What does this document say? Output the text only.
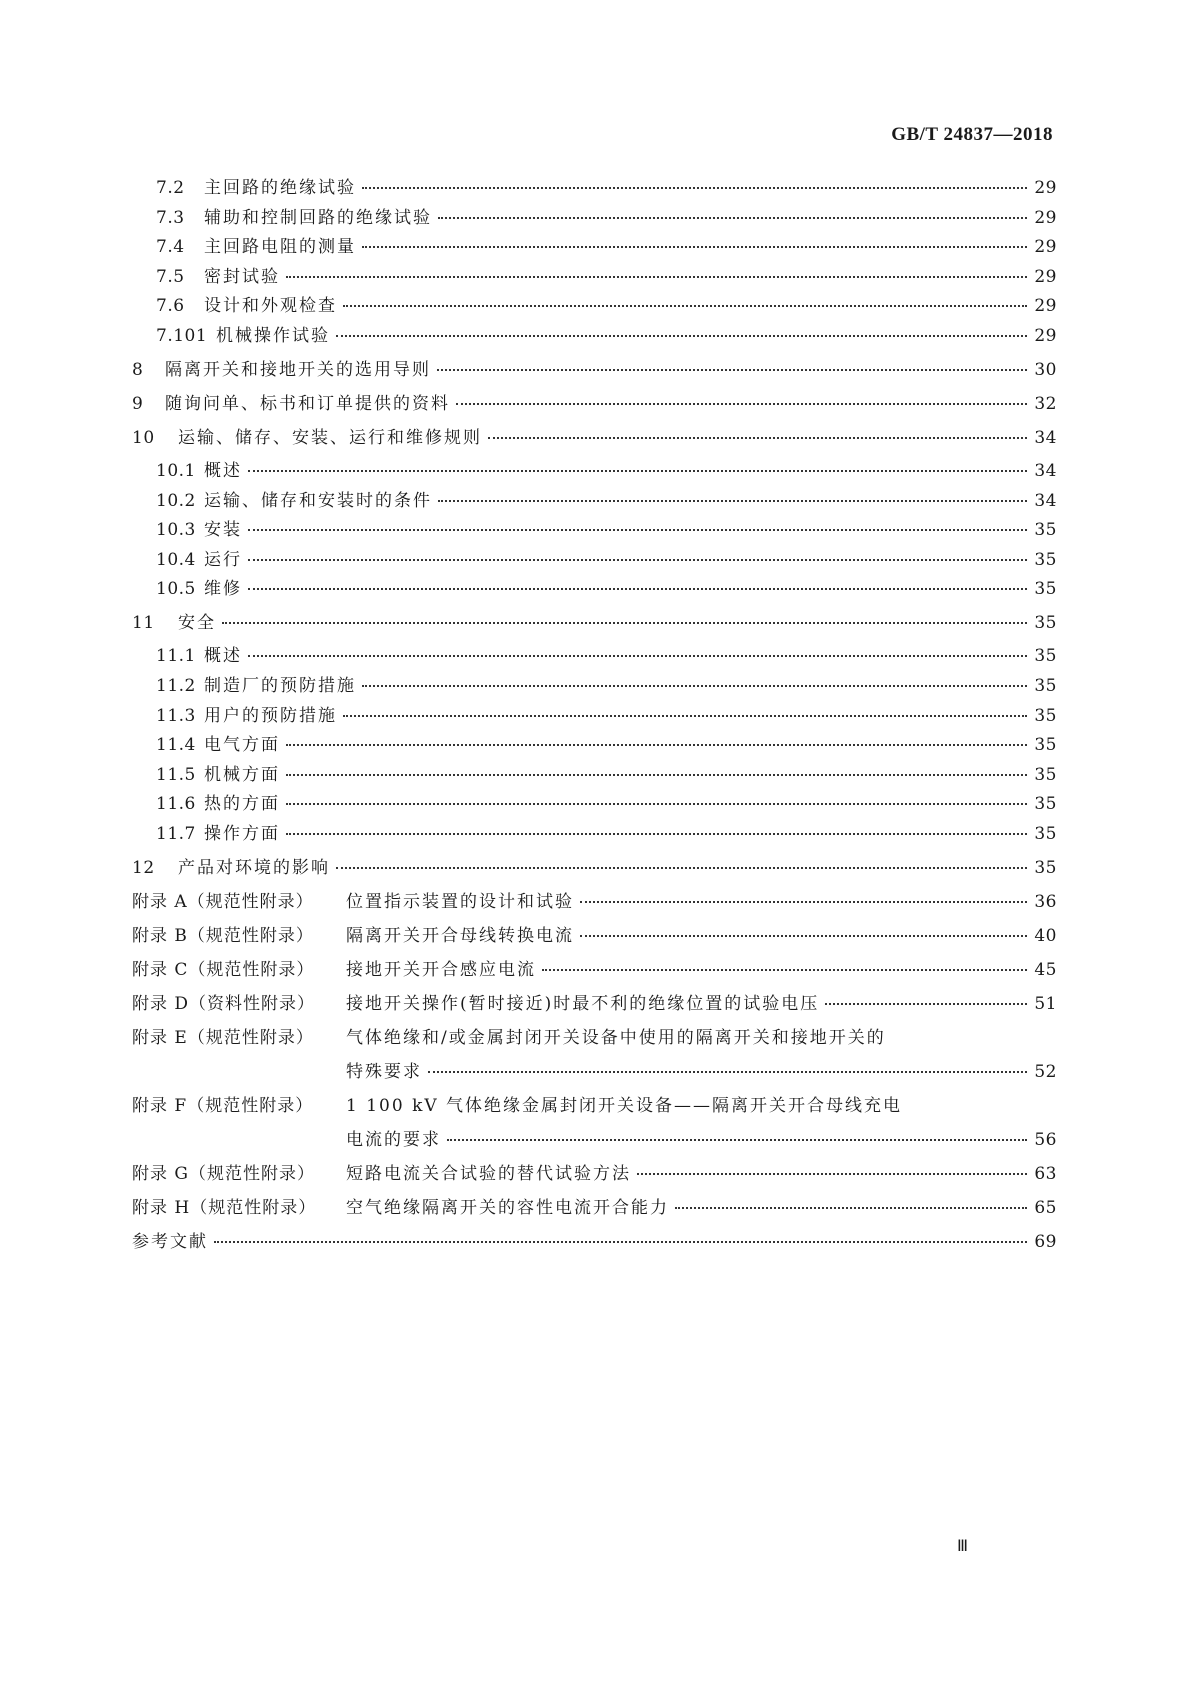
GB/T 24837—2018
7.2	主回路的绝缘试验	29
7.3	辅助和控制回路的绝缘试验	29
7.4	主回路电阻的测量	29
7.5	密封试验	29
7.6	设计和外观检查	29
7.101 机械操作试验	29
8	隔离开关和接地开关的选用导则	30
9	随询问单、标书和订单提供的资料	32
10	运输、储存、安装、运行和维修规则	34
10.1 概述	34
10.2 运输、储存和安装时的条件	34
10.3 安装	35
10.4 运行	35
10.5 维修	35
11	安全	35
11.1 概述	35
11.2 制造厂的预防措施	35
11.3 用户的预防措施	35
11.4 电气方面	35
11.5 机械方面	35
11.6 热的方面	35
11.7 操作方面	35
12	产品对环境的影响	35
附录 A（规范性附录）	位置指示装置的设计和试验	36
附录 B（规范性附录）	隔离开关开合母线转换电流	40
附录 C（规范性附录）	接地开关开合感应电流	45
附录 D（资料性附录）	接地开关操作(暂时接近)时最不利的绝缘位置的试验电压	51
附录 E（规范性附录）	气体绝缘和/或金属封闭开关设备中使用的隔离开关和接地开关的
特殊要求	52
附录 F（规范性附录）	1 100 kV 气体绝缘金属封闭开关设备——隔离开关开合母线充电
电流的要求	56
附录 G（规范性附录）	短路电流关合试验的替代试验方法	63
附录 H（规范性附录）	空气绝缘隔离开关的容性电流开合能力	65
参考文献	69
Ⅲ
